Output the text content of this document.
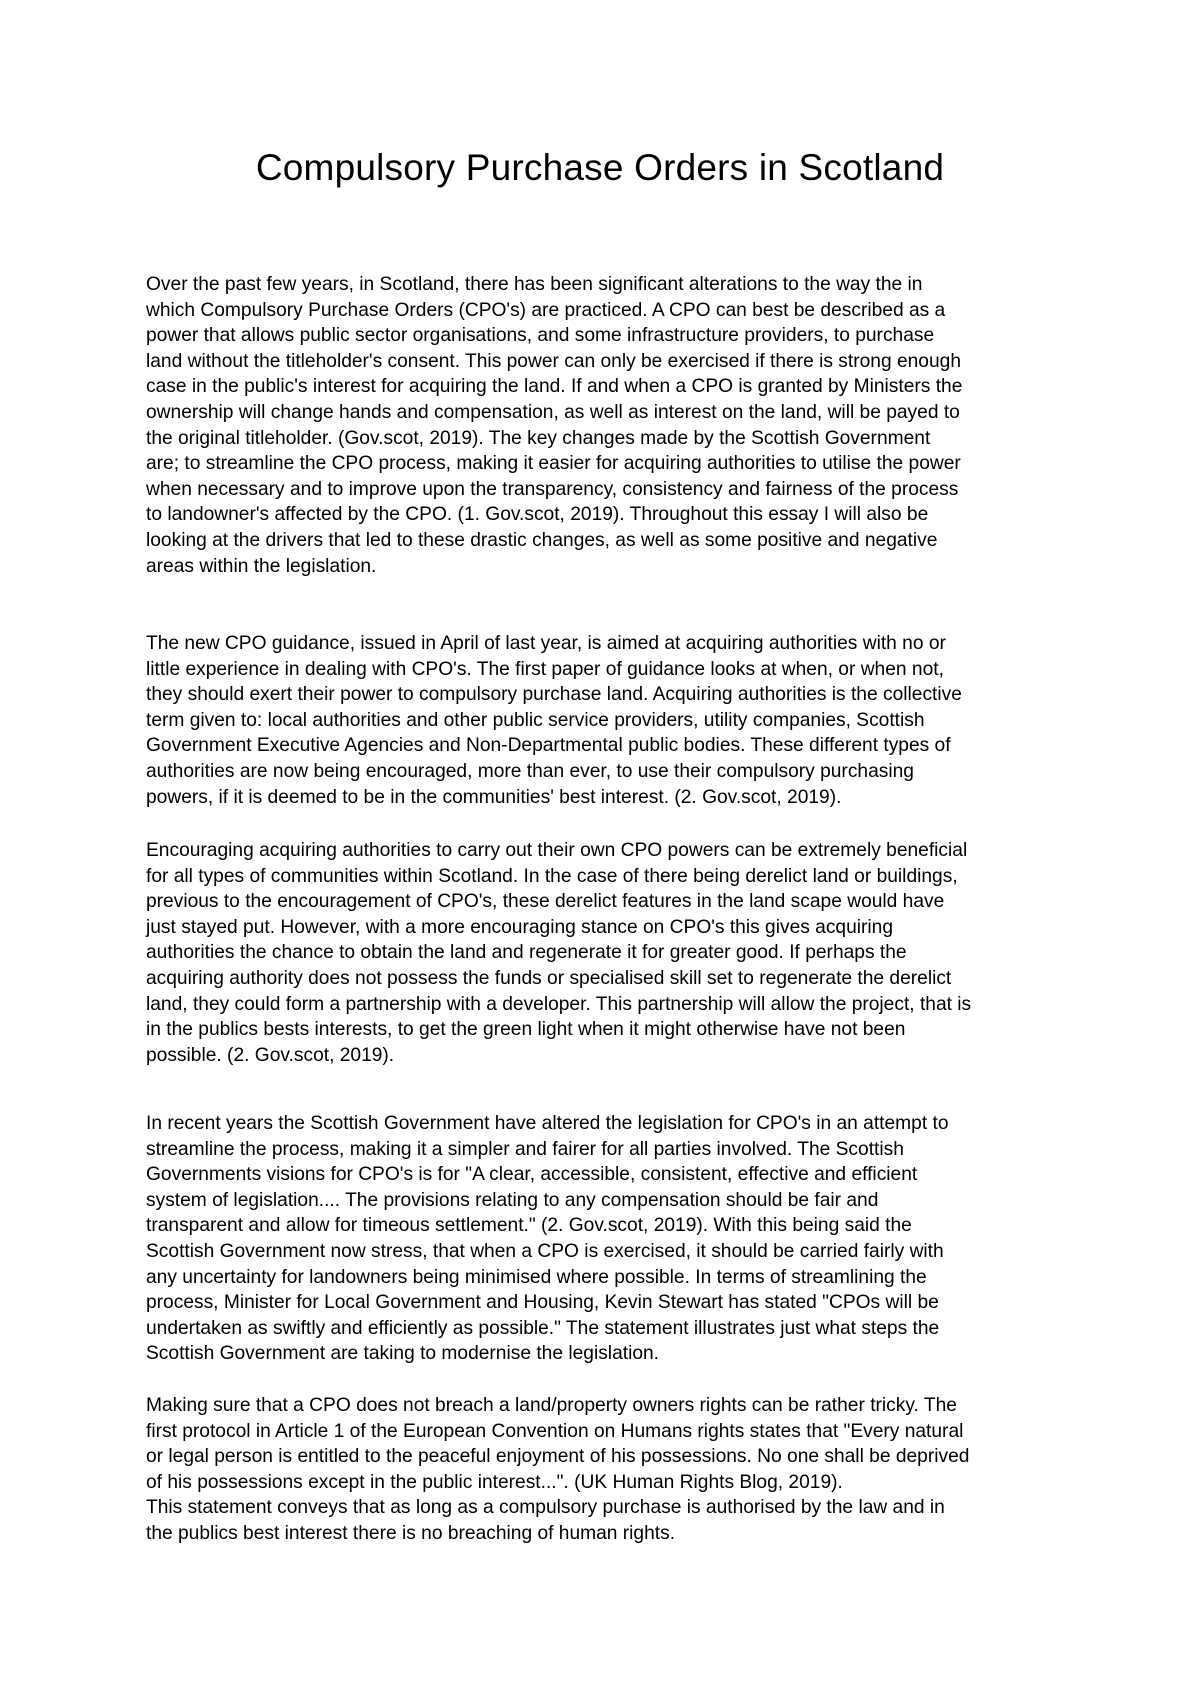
Compulsory Purchase Orders in Scotland

Over the past few years, in Scotland, there has been significant alterations to the way the in
which Compulsory Purchase Orders (CPO's) are practiced. A CPO can best be described as a
power that allows public sector organisations, and some infrastructure providers, to purchase
land without the titleholder's consent. This power can only be exercised if there is strong enough
case in the public's interest for acquiring the land. If and when a CPO is granted by Ministers the
ownership will change hands and compensation, as well as interest on the land, will be payed to
the original titleholder. (Gov.scot, 2019). The key changes made by the Scottish Government
are; to streamline the CPO process, making it easier for acquiring authorities to utilise the power
when necessary and to improve upon the transparency, consistency and fairness of the process
to landowner's affected by the CPO. (1. Gov.scot, 2019). Throughout this essay I will also be
looking at the drivers that led to these drastic changes, as well as some positive and negative
areas within the legislation.

The new CPO guidance, issued in April of last year, is aimed at acquiring authorities with no or
little experience in dealing with CPO's. The first paper of guidance looks at when, or when not,
they should exert their power to compulsory purchase land. Acquiring authorities is the collective
term given to: local authorities and other public service providers, utility companies, Scottish
Government Executive Agencies and Non-Departmental public bodies. These different types of
authorities are now being encouraged, more than ever, to use their compulsory purchasing
powers, if it is deemed to be in the communities' best interest. (2. Gov.scot, 2019).

Encouraging acquiring authorities to carry out their own CPO powers can be extremely beneficial
for all types of communities within Scotland. In the case of there being derelict land or buildings,
previous to the encouragement of CPO's, these derelict features in the land scape would have
just stayed put. However, with a more encouraging stance on CPO's this gives acquiring
authorities the chance to obtain the land and regenerate it for greater good. If perhaps the
acquiring authority does not possess the funds or specialised skill set to regenerate the derelict
land, they could form a partnership with a developer. This partnership will allow the project, that is
in the publics bests interests, to get the green light when it might otherwise have not been
possible. (2. Gov.scot, 2019).

In recent years the Scottish Government have altered the legislation for CPO's in an attempt to
streamline the process, making it a simpler and fairer for all parties involved. The Scottish
Governments visions for CPO's is for "A clear, accessible, consistent, effective and efficient
system of legislation.... The provisions relating to any compensation should be fair and
transparent and allow for timeous settlement." (2. Gov.scot, 2019). With this being said the
Scottish Government now stress, that when a CPO is exercised, it should be carried fairly with
any uncertainty for landowners being minimised where possible. In terms of streamlining the
process, Minister for Local Government and Housing, Kevin Stewart has stated "CPOs will be
undertaken as swiftly and efficiently as possible." The statement illustrates just what steps the
Scottish Government are taking to modernise the legislation.

Making sure that a CPO does not breach a land/property owners rights can be rather tricky. The
first protocol in Article 1 of the European Convention on Humans rights states that "Every natural
or legal person is entitled to the peaceful enjoyment of his possessions. No one shall be deprived
of his possessions except in the public interest...". (UK Human Rights Blog, 2019).
This statement conveys that as long as a compulsory purchase is authorised by the law and in
the publics best interest there is no breaching of human rights.
